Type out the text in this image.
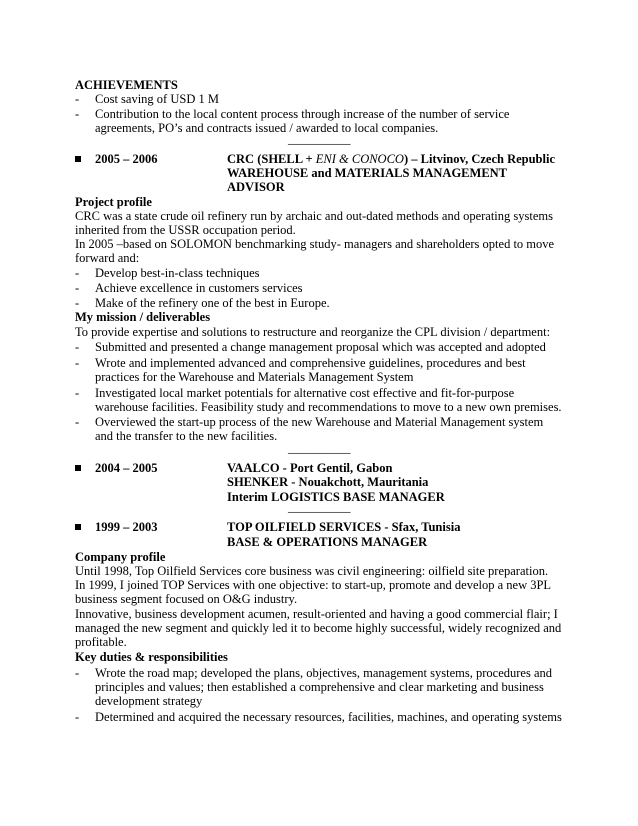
ACHIEVEMENTS
- Cost saving of USD 1 M
- Contribution to the local content process through increase of the number of service
agreements, PO’s and contracts issued / awarded to local companies.
__________
2005 – 2006	CRC (SHELL + ENI & CONOCO) – Litvinov, Czech Republic
WAREHOUSE and MATERIALS MANAGEMENT
ADVISOR
Project profile
CRC was a state crude oil refinery run by archaic and out-dated methods and operating systems
inherited from the USSR occupation period.
In 2005 –based on SOLOMON benchmarking study- managers and shareholders opted to move
forward and:
- Develop best-in-class techniques
- Achieve excellence in customers services
- Make of the refinery one of the best in Europe.
My mission / deliverables
To provide expertise and solutions to restructure and reorganize the CPL division / department:
- Submitted and presented a change management proposal which was accepted and adopted
- Wrote and implemented advanced and comprehensive guidelines, procedures and best
practices for the Warehouse and Materials Management System
- Investigated local market potentials for alternative cost effective and fit-for-purpose
warehouse facilities. Feasibility study and recommendations to move to a new own premises.
- Overviewed the start-up process of the new Warehouse and Material Management system
and the transfer to the new facilities.
__________
2004 – 2005	VAALCO - Port Gentil, Gabon
SHENKER - Nouakchott, Mauritania
Interim LOGISTICS BASE MANAGER
__________
1999 – 2003	TOP OILFIELD SERVICES - Sfax, Tunisia
BASE & OPERATIONS MANAGER
Company profile
Until 1998, Top Oilfield Services core business was civil engineering: oilfield site preparation.
In 1999, I joined TOP Services with one objective: to start-up, promote and develop a new 3PL
business segment focused on O&G industry.
Innovative, business development acumen, result-oriented and having a good commercial flair; I
managed the new segment and quickly led it to become highly successful, widely recognized and
profitable.
Key duties & responsibilities
- Wrote the road map; developed the plans, objectives, management systems, procedures and
principles and values; then established a comprehensive and clear marketing and business
development strategy
- Determined and acquired the necessary resources, facilities, machines, and operating systems
